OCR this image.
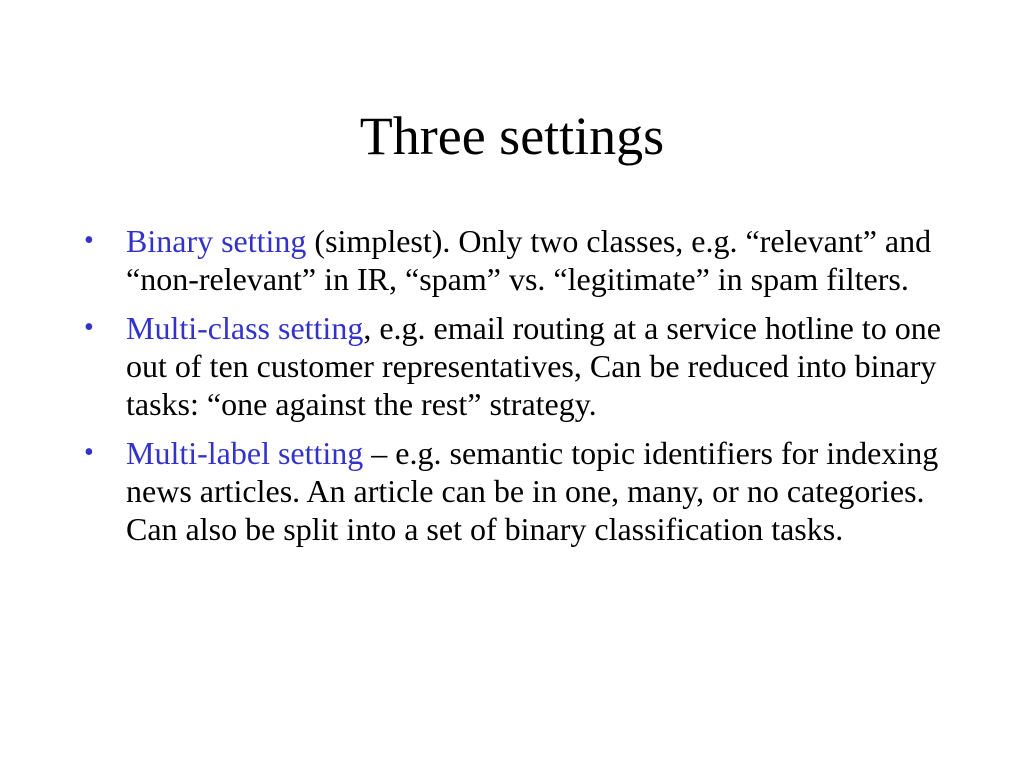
Three settings
•	Binary setting (simplest). Only two classes, e.g. “relevant” and “non-relevant” in IR, “spam” vs. “legitimate” in spam filters.
•	Multi-class setting, e.g. email routing at a service hotline to one out of ten customer representatives, Can be reduced into binary tasks: “one against the rest” strategy.
•	Multi-label setting – e.g. semantic topic identifiers for indexing news articles. An article can be in one, many, or no categories. Can also be split into a set of binary classification tasks.
